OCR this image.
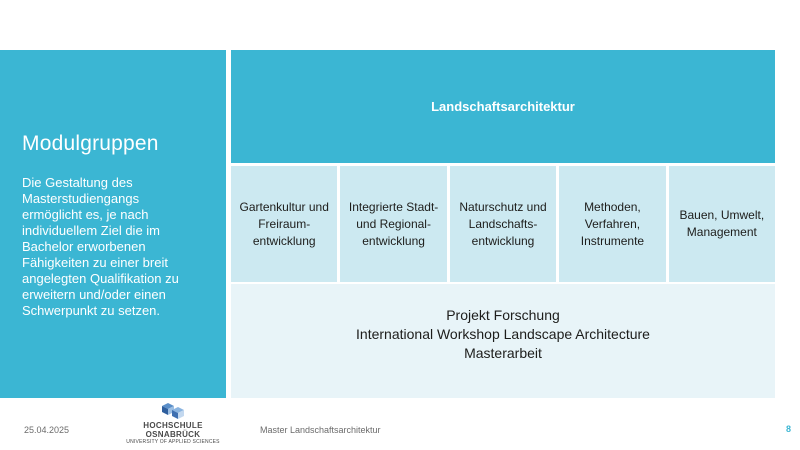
Modulgruppen

Die Gestaltung des Masterstudiengangs ermöglicht es, je nach individuellem Ziel die im Bachelor erworbenen Fähigkeiten zu einer breit angelegten Qualifikation zu erweitern und/oder einen Schwerpunkt zu setzen.

Landschaftsarchitektur
Gartenkultur und
Freiraum-
entwicklung
Integrierte Stadt-
und Regional-
entwicklung
Naturschutz und
Landschafts-
entwicklung
Methoden,
Verfahren,
Instrumente
Bauen, Umwelt,
Management
Projekt Forschung
International Workshop Landscape Architecture
Masterarbeit
25.04.2025	HOCHSCHULE OSNABRÜCK
UNIVERSITY OF APPLIED SCIENCES
Master Landschaftsarchitektur	8
